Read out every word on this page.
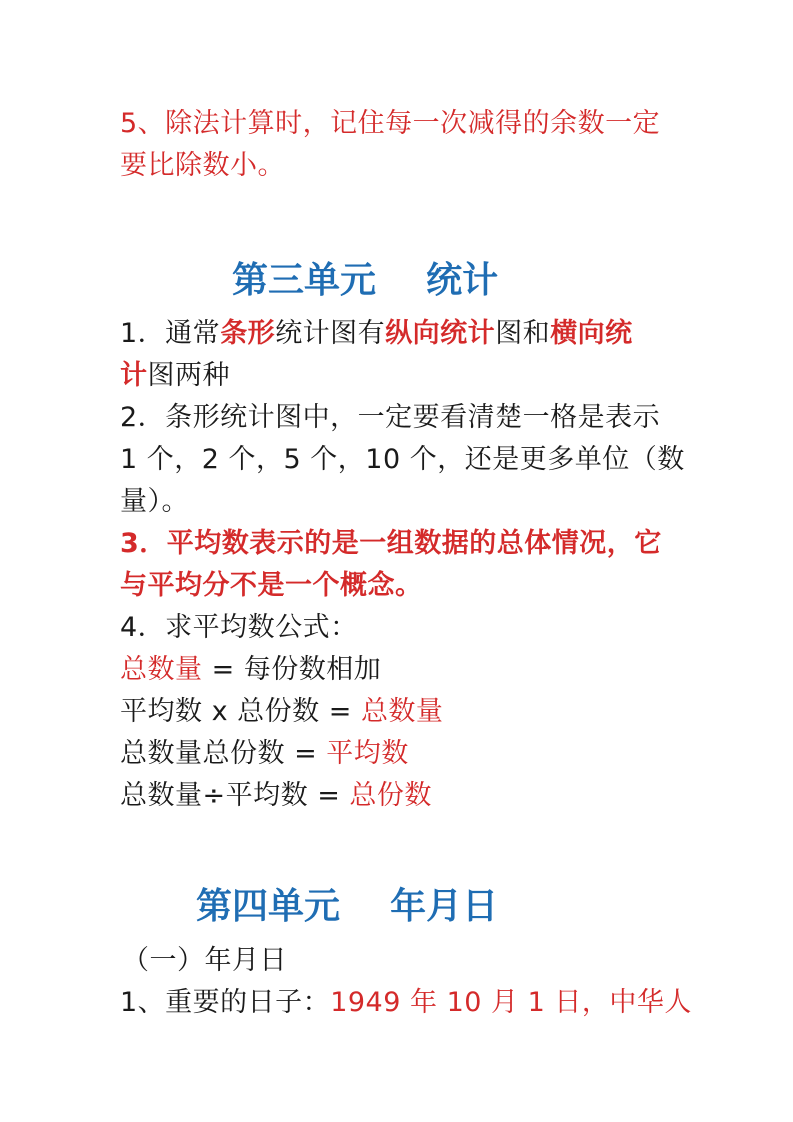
5、除法计算时，记住每一次减得的余数一定
要比除数小。
第三单元    统计
1．通常条形统计图有纵向统计图和横向统
计图两种
2．条形统计图中，一定要看清楚一格是表示
1 个，2 个，5 个，10 个，还是更多单位（数
量）。
3．平均数表示的是一组数据的总体情况，它
与平均分不是一个概念。
4．求平均数公式：
总数量 = 每份数相加
平均数 x 总份数 = 总数量
总数量总份数 = 平均数
总数量÷平均数 = 总份数
第四单元    年月日
（一）年月日
1、重要的日子：1949 年 10 月 1 日，中华人
